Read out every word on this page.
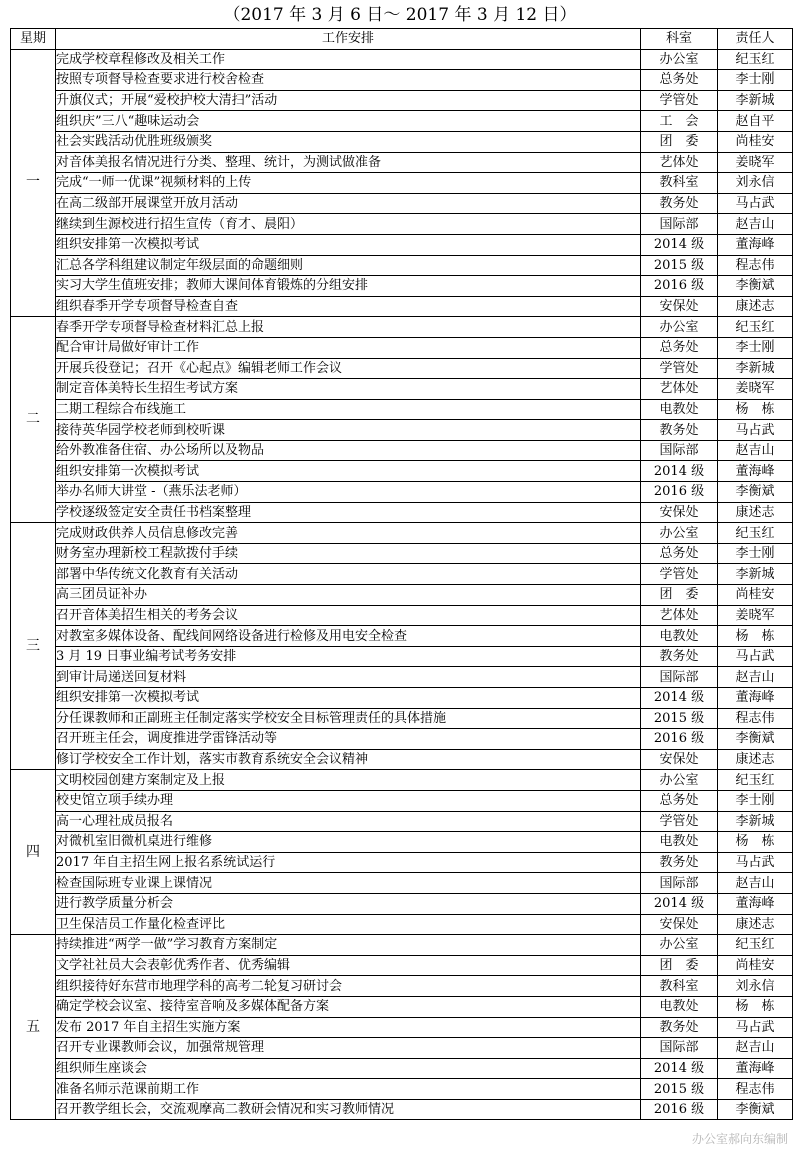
（2017 年 3 月 6 日～ 2017 年 3 月 12 日）
星期	工作安排	科室	责任人
一	完成学校章程修改及相关工作	办公室	纪玉红
	按照专项督导检查要求进行校舍检查	总务处	李士刚
	升旗仪式；开展“爱校护校大清扫”活动	学管处	李新城
	组织庆”三八“趣味运动会	工　会	赵自平
	社会实践活动优胜班级颁奖	团　委	尚桂安
	对音体美报名情况进行分类、整理、统计，为测试做准备	艺体处	姜晓军
	完成“一师一优课”视频材料的上传	教科室	刘永信
	在高二级部开展课堂开放月活动	教务处	马占武
	继续到生源校进行招生宣传（育才、晨阳）	国际部	赵吉山
	组织安排第一次模拟考试	2014 级	董海峰
	汇总各学科组建议制定年级层面的命题细则	2015 级	程志伟
	实习大学生值班安排；教师大课间体育锻炼的分组安排	2016 级	李衡斌
	组织春季开学专项督导检查自查	安保处	康述志
二	春季开学专项督导检查材料汇总上报	办公室	纪玉红
	配合审计局做好审计工作	总务处	李士刚
	开展兵役登记；召开《心起点》编辑老师工作会议	学管处	李新城
	制定音体美特长生招生考试方案	艺体处	姜晓军
	二期工程综合布线施工	电教处	杨　栋
	接待英华园学校老师到校听课	教务处	马占武
	给外教准备住宿、办公场所以及物品	国际部	赵吉山
	组织安排第一次模拟考试	2014 级	董海峰
	举办名师大讲堂 -（燕乐法老师）	2016 级	李衡斌
	学校逐级签定安全责任书档案整理	安保处	康述志
三	完成财政供养人员信息修改完善	办公室	纪玉红
	财务室办理新校工程款拨付手续	总务处	李士刚
	部署中华传统文化教育有关活动	学管处	李新城
	高三团员证补办	团　委	尚桂安
	召开音体美招生相关的考务会议	艺体处	姜晓军
	对教室多媒体设备、配线间网络设备进行检修及用电安全检查	电教处	杨　栋
	3 月 19 日事业编考试考务安排	教务处	马占武
	到审计局递送回复材料	国际部	赵吉山
	组织安排第一次模拟考试	2014 级	董海峰
	分任课教师和正副班主任制定落实学校安全目标管理责任的具体措施	2015 级	程志伟
	召开班主任会，调度推进学雷锋活动等	2016 级	李衡斌
	修订学校安全工作计划，落实市教育系统安全会议精神	安保处	康述志
四	文明校园创建方案制定及上报	办公室	纪玉红
	校史馆立项手续办理	总务处	李士刚
	高一心理社成员报名	学管处	李新城
	对微机室旧微机桌进行维修	电教处	杨　栋
	2017 年自主招生网上报名系统试运行	教务处	马占武
	检查国际班专业课上课情况	国际部	赵吉山
	进行教学质量分析会	2014 级	董海峰
	卫生保洁员工作量化检查评比	安保处	康述志
五	持续推进“两学一做”学习教育方案制定	办公室	纪玉红
	文学社社员大会表彰优秀作者、优秀编辑	团　委	尚桂安
	组织接待好东营市地理学科的高考二轮复习研讨会	教科室	刘永信
	确定学校会议室、接待室音响及多媒体配备方案	电教处	杨　栋
	发布 2017 年自主招生实施方案	教务处	马占武
	召开专业课教师会议，加强常规管理	国际部	赵吉山
	组织师生座谈会	2014 级	董海峰
	准备名师示范课前期工作	2015 级	程志伟
	召开教学组长会，交流观摩高二教研会情况和实习教师情况	2016 级	李衡斌
办公室郝向东编制
